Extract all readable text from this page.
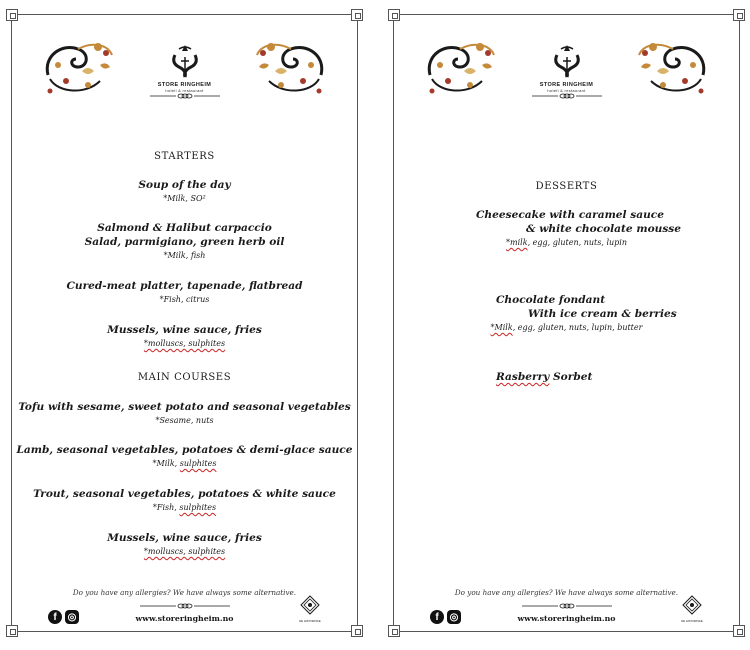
STORE RINGHEIM
hotell & restaurant
STARTERS
Soup of the day
*Milk, SO²
Salmond & Halibut carpaccio
Salad, parmigiano, green herb oil
*Milk, fish
Cured-meat platter, tapenade, flatbread
*Fish, citrus
Mussels, wine sauce, fries
*molluscs, sulphites
MAIN COURSES
Tofu with sesame, sweet potato and seasonal vegetables
*Sesame, nuts
Lamb, seasonal vegetables, potatoes & demi-glace sauce
*Milk, sulphites
Trout, seasonal vegetables, potatoes & white sauce
*Fish, sulphites
Mussels, wine sauce, fries
*molluscs, sulphites
Do you have any allergies? We have always some alternative.
f	◎	www.storeringheim.no	DE HISTORISKE
STORE RINGHEIM
hotell & restaurant
DESSERTS
Cheesecake with caramel sauce
& white chocolate mousse
*milk, egg, gluten, nuts, lupin
Chocolate fondant
With ice cream & berries
*Milk, egg, gluten, nuts, lupin, butter
Rasberry Sorbet
Do you have any allergies? We have always some alternative.
f	◎	www.storeringheim.no	DE HISTORISKE
